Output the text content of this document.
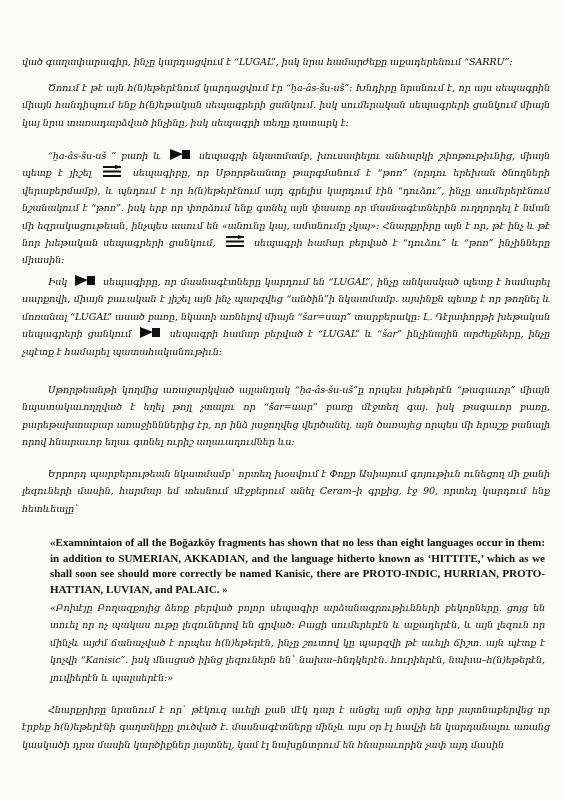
ված գաղափարագիր, ինչը կարդացվում է “LUGAL”, իսկ նրա համարժեքը աքադերենում “SARRU”:
Ծոում է թէ այն հ(ն)եթերէնում կարդացվում էր “ḫa-âs-šu-uš”: Խնդիրը նրանում է, որ այս սեպագրին միայն հանդիպում ենք հ(ն)եթական սեպագրերի ցանկում. իսկ սումերական սեպագրերի ցանկում միայն կայ նրա տառադարձված ինչինը, իսկ սեպագրի տեղը դատարկ է:
“ḫa-âs-šu-uš ” բառի և	սեպագրի նկատմամբ, խուսափելու անհարկի շփոթութիւնից, միայն պետք է յիշել	սեպագիրը, որ Սթորթեանտը թարգմանում է “թոռ” (որդու երեխան ծնողների վերաբերմամբ), և պնդում է որ հ(ն)եթերէնում այդ գրելիս կարդում էին “դուձու”, ինչը սումերերէնում նշանակում է “թոռ”. իսկ երբ որ փորձում ենք գտնել այն փաստը որ մասնագէտներին ուղղորդել է նման մի եզրակացութեան, ինչպես ասում են «անունը կայ, ամանումը չկայ»: Հնարքրիրը այն է որ, թէ ինչ և թէ նոր խեթական սեպագրերի ցանկում,	սեպագրի համար բերված է “դուձու” և “թոռ” ինչինները միասին:
Իսկ	սեպագիրը, որ մասնագէտները կարդում են “LUGAL”, ինչը անկասկած պետք է համարել սարքովի, միայն բաւական է յիշել այն ինչ պարզվեց “անծին”ի նկատմամբ. այսինքն պետք է որ թողնել և մոռանալ “LUGAL” ասած բառը, նկատի առնելով միայն “šar=սար” տարբերակը: Լ. Դէլափորթի խեթական սեպագրերի ցանկում	սեպագրի համար բերված է “LUGAL” և “šar” ինչինային արժեքները, ինչը չպէտք է համարել պատահականութիւն:
Սթորթեանթի կողմից առաջարկված այլանդակ “ḫa-âs-šu-uš”ը որպես խեթերէն “թագաւոր” միայն նպատակաւողղված է եղել թոյլ չտալու որ “šar=սար” բառը մէջտեղ գայ. իսկ թագաւոր բառը, բարեթախտաբար առաջինններից էր, որ ինձ յաջողվեց վերծանել. այն ծառայեց որպես մի հրաշք բանալի որով հնարաւոր եղաւ գտնել ուրիշ աղաւաղումներ ևս:
Երրորդ պարբերութեան նկատմամբ` որտեղ խօսվում է Փոքր Ասիայում գոյութիւն ունեցող մի քանի լեզուների մասին, հարմար եմ տեսնում մէջբերում անել Ceram–ի գրքից, էջ 90, որտեղ կարդում ենք հետևեալը`
«Examnintaion of all the Boğazköy fragments has shown that no less than eight languages occur in them: in addition to SUMERIAN, AKKADIAN, and the language hitherto known as ‘HITTITE,’ which as we shall soon see should more correctly be named Kanisic, there are PROTO-INDIC, HURRIAN, PROTO-HATTIAN, LUVIAN, and PALAIC. »
«Բոխէյը Բողազքոյից ձեռք բերված բոլոր սեպագիր արձանագրութիւնների բեկորները. ցոյց են տուել որ ոչ պակաս ութը լեզուներով են գրված: Բացի սումերերէն և աքադերէն, և այն լեզուն որ մինչև այժմ ճանաչված է որպես հ(ն)եթերէն, ինչը շուտով կը պարզվի թէ աւելի ճիշտ. այն պէտք է կոչվի “Kanisic”. իսկ մնացած իինց լեզուներն են` նախա–հնդկերէն. հուրիերէն, նախա–հ(ն)եթերէն, լուվիերէն և պալաերէն:»
Հնարքրիրը նրանում է որ` թէկուզ աւելի քան մէկ դար է անցել այն օրից երբ յայտնաբերվեց որ էրբեք հ(ն)եթերէնի գաղտնիքը լուծված է. մասնագէտները մինչև այս օր էլ հավչի են կարդանալու առանց կասկածի դրա մասին կարծիքներ յայտնել, կամ էլ նախընտրում են հնարաւորին չափ այդ մասին
